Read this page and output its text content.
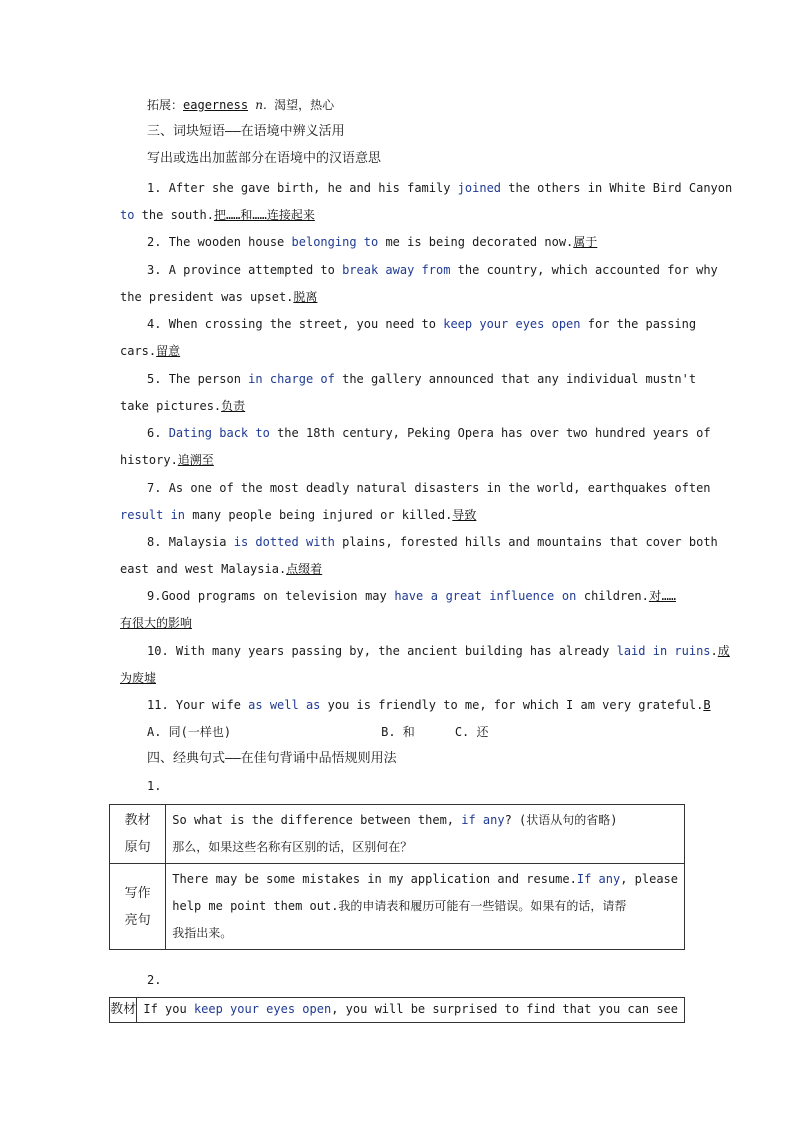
拓展：eagerness n. 渴望，热心
三、词块短语——在语境中辨义活用
写出或选出加蓝部分在语境中的汉语意思
1. After she gave birth, he and his family joined the others in White Bird Canyon
to the south.把……和……连接起来
2. The wooden house belonging to me is being decorated now.属于
3. A province attempted to break away from the country, which accounted for why
the president was upset.脱离
4. When crossing the street, you need to keep your eyes open for the passing
cars.留意
5. The person in charge of the gallery announced that any individual mustn't
take pictures.负责
6. Dating back to the 18th century, Peking Opera has over two hundred years of
history.追溯至
7. As one of the most deadly natural disasters in the world, earthquakes often
result in many people being injured or killed.导致
8. Malaysia is dotted with plains, forested hills and mountains that cover both
east and west Malaysia.点缀着
9.Good programs on television may have a great influence on children.对……
有很大的影响
10. With many years passing by, the ancient building has already laid in ruins.成
为废墟
11. Your wife as well as you is friendly to me, for which I am very grateful.B
A. 同(一样也)	B. 和	C. 还
四、经典句式——在佳句背诵中品悟规则用法
1.
教材
原句	So what is the difference between them, if any? (状语从句的省略)
那么，如果这些名称有区别的话，区别何在？

写作
亮句	There may be some mistakes in my application and resume.If any, please
help me point them out.我的申请表和履历可能有一些错误。如果有的话，请帮
我指出来。
2.
教材	If you keep your eyes open, you will be surprised to find that you can see
